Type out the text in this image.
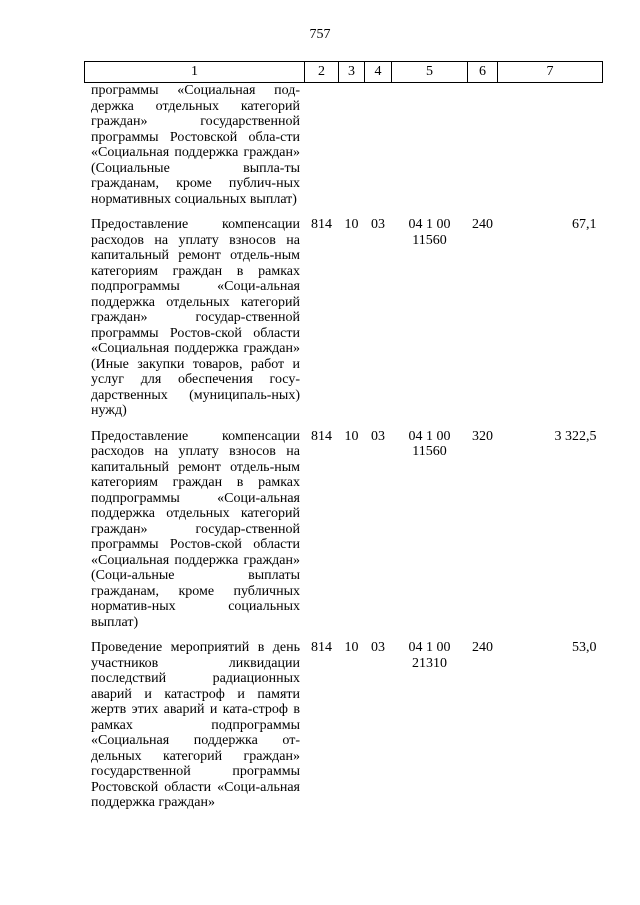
757
1	2	3	4	5	6	7
программы «Социальная под-держка отдельных категорий граждан» государственной программы Ростовской обла-сти «Социальная поддержка граждан» (Социальные выпла-ты гражданам, кроме публич-ных нормативных социальных выплат)						
Предоставление компенсации расходов на уплату взносов на капитальный ремонт отдель-ным категориям граждан в рамках подпрограммы «Соци-альная поддержка отдельных категорий граждан» государ-ственной программы Ростов-ской области «Социальная поддержка граждан» (Иные закупки товаров, работ и услуг для обеспечения госу-дарственных (муниципаль-ных) нужд)	814	10	03	04 1 00 11560	240	67,1
Предоставление компенсации расходов на уплату взносов на капитальный ремонт отдель-ным категориям граждан в рамках подпрограммы «Соци-альная поддержка отдельных категорий граждан» государ-ственной программы Ростов-ской области «Социальная поддержка граждан» (Соци-альные выплаты гражданам, кроме публичных норматив-ных социальных выплат)	814	10	03	04 1 00 11560	320	3 322,5
Проведение мероприятий в день участников ликвидации последствий радиационных аварий и катастроф и памяти жертв этих аварий и ката-строф в рамках подпрограммы «Социальная поддержка от-дельных категорий граждан» государственной программы Ростовской области «Соци-альная поддержка граждан»	814	10	03	04 1 00 21310	240	53,0
